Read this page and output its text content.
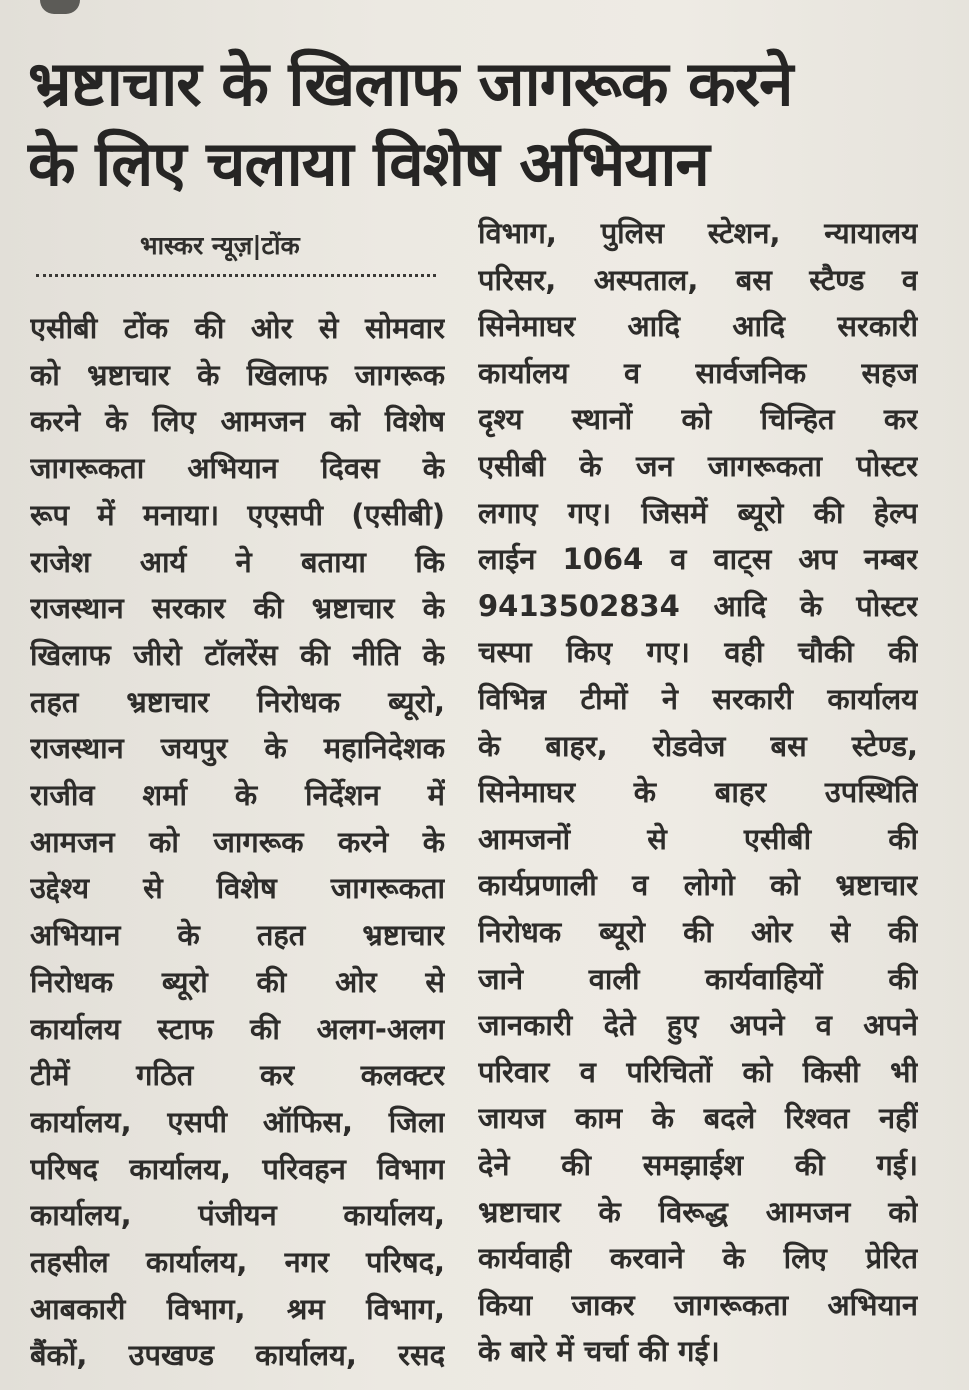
भ्रष्टाचार के खिलाफ जागरूक करने
के लिए चलाया विशेष अभियान
भास्कर न्यूज़|टोंक
एसीबी टोंक की ओर से सोमवार
को भ्रष्टाचार के खिलाफ जागरूक
करने के लिए आमजन को विशेष
जागरूकता अभियान दिवस के
रूप में मनाया। एएसपी (एसीबी)
राजेश आर्य ने बताया कि
राजस्थान सरकार की भ्रष्टाचार के
खिलाफ जीरो टॉलरेंस की नीति के
तहत भ्रष्टाचार निरोधक ब्यूरो,
राजस्थान जयपुर के महानिदेशक
राजीव शर्मा के निर्देशन में
आमजन को जागरूक करने के
उद्देश्य से विशेष जागरूकता
अभियान के तहत भ्रष्टाचार
निरोधक ब्यूरो की ओर से
कार्यालय स्टाफ की अलग-अलग
टीमें गठित कर कलक्टर
कार्यालय, एसपी ऑफिस, जिला
परिषद कार्यालय, परिवहन विभाग
कार्यालय, पंजीयन कार्यालय,
तहसील कार्यालय, नगर परिषद,
आबकारी विभाग, श्रम विभाग,
बैंकों, उपखण्ड कार्यालय, रसद
विभाग, पुलिस स्टेशन, न्यायालय
परिसर, अस्पताल, बस स्टैण्ड व
सिनेमाघर आदि आदि सरकारी
कार्यालय व सार्वजनिक सहज
दृश्य स्थानों को चिन्हित कर
एसीबी के जन जागरूकता पोस्टर
लगाए गए। जिसमें ब्यूरो की हेल्प
लाईन 1064 व वाट्स अप नम्बर
9413502834 आदि के पोस्टर
चस्पा किए गए। वही चौकी की
विभिन्न टीमों ने सरकारी कार्यालय
के बाहर, रोडवेज बस स्टेण्ड,
सिनेमाघर के बाहर उपस्थिति
आमजनों से एसीबी की
कार्यप्रणाली व लोगो को भ्रष्टाचार
निरोधक ब्यूरो की ओर से की
जाने वाली कार्यवाहियों की
जानकारी देते हुए अपने व अपने
परिवार व परिचितों को किसी भी
जायज काम के बदले रिश्वत नहीं
देने की समझाईश की गई।
भ्रष्टाचार के विरूद्ध आमजन को
कार्यवाही करवाने के लिए प्रेरित
किया जाकर जागरूकता अभियान
के बारे में चर्चा की गई।
